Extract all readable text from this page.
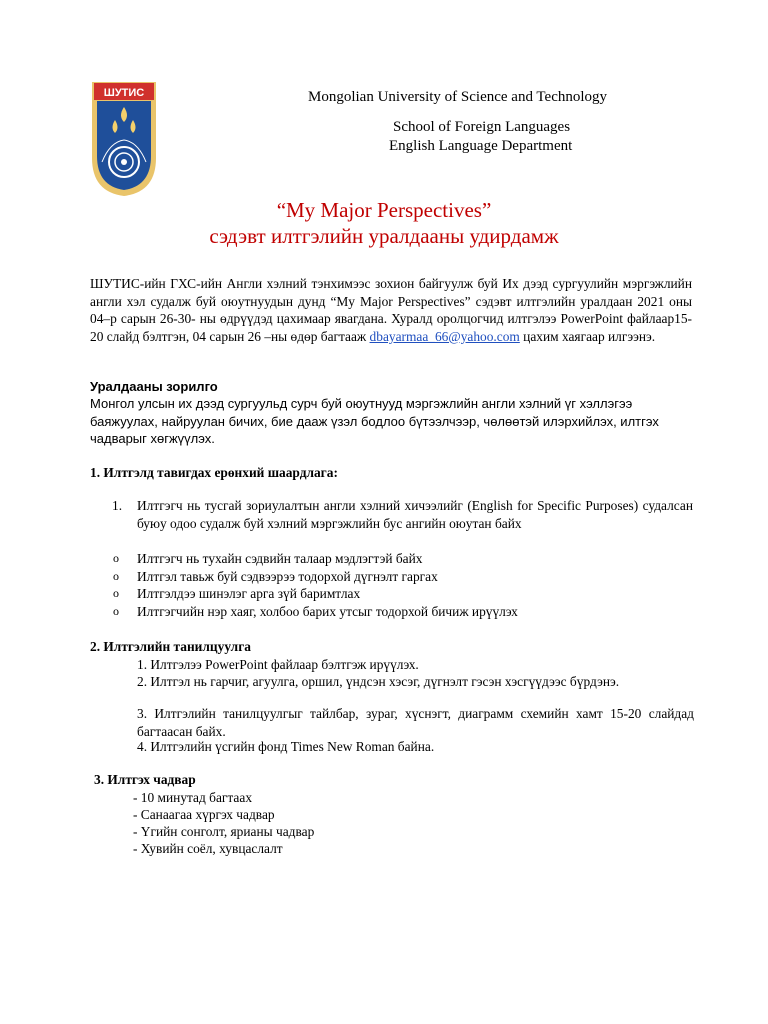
ШУТИС	Mongolian University of Science and Technology
School of Foreign Languages
English Language Department
“My Major Perspectives”
сэдэвт илтгэлийн уралдааны удирдамж
ШУТИС-ийн ГХС-ийн Англи хэлний тэнхимээс зохион байгуулж буй Их дээд сургуулийн мэргэжлийн англи хэл судалж буй оюутнуудын дунд “My Major Perspectives” сэдэвт илтгэлийн уралдаан 2021 оны 04‒р сарын 26-30- ны өдрүүдэд цахимаар явагдана. Хуралд оролцогчид илтгэлээ PowerPoint файлаар15-20 слайд бэлтгэн, 04 сарын 26 ‒ны өдөр багтааж dbayarmaa_66@yahoo.com цахим хаягаар илгээнэ.
Уралдааны зорилго
Монгол улсын их дээд сургуульд сурч буй оюутнууд мэргэжлийн англи хэлний үг хэллэгээ баяжуулах, найруулан бичих, бие дааж үзэл бодлоо бүтээлчээр, чөлөөтэй илэрхийлэх, илтгэх чадварыг хөгжүүлэх.
1. Илтгэлд тавигдах ерөнхий шаардлага:
1. Илтгэгч нь тусгай зориулалтын англи хэлний хичээлийг (English for Specific Purposes) судалсан буюу одоо судалж буй хэлний мэргэжлийн бус ангийн оюутан байх
o Илтгэгч нь тухайн сэдвийн талаар мэдлэгтэй байх
o Илтгэл тавьж буй сэдвээрээ тодорхой дүгнэлт гаргах
o Илтгэлдээ шинэлэг арга зүй баримтлах
o Илтгэгчийн нэр хаяг, холбоо барих утсыг тодорхой бичиж ирүүлэх
2. Илтгэлийн танилцуулга
1. Илтгэлээ PowerPoint файлаар бэлтгэж ирүүлэх.
2. Илтгэл нь гарчиг, агуулга, оршил, үндсэн хэсэг, дүгнэлт гэсэн хэсгүүдээс бүрдэнэ.
3. Илтгэлийн танилцуулгыг тайлбар, зураг, хүснэгт, диаграмм схемийн хамт 15-20 слайдад багтаасан байх.
4. Илтгэлийн үсгийн фонд Times New Roman байна.
3. Илтгэх чадвар
- 10 минутад багтаах
- Санаагаа хүргэх чадвар
- Үгийн сонголт, ярианы чадвар
- Хувийн соёл, хувцаслалт
